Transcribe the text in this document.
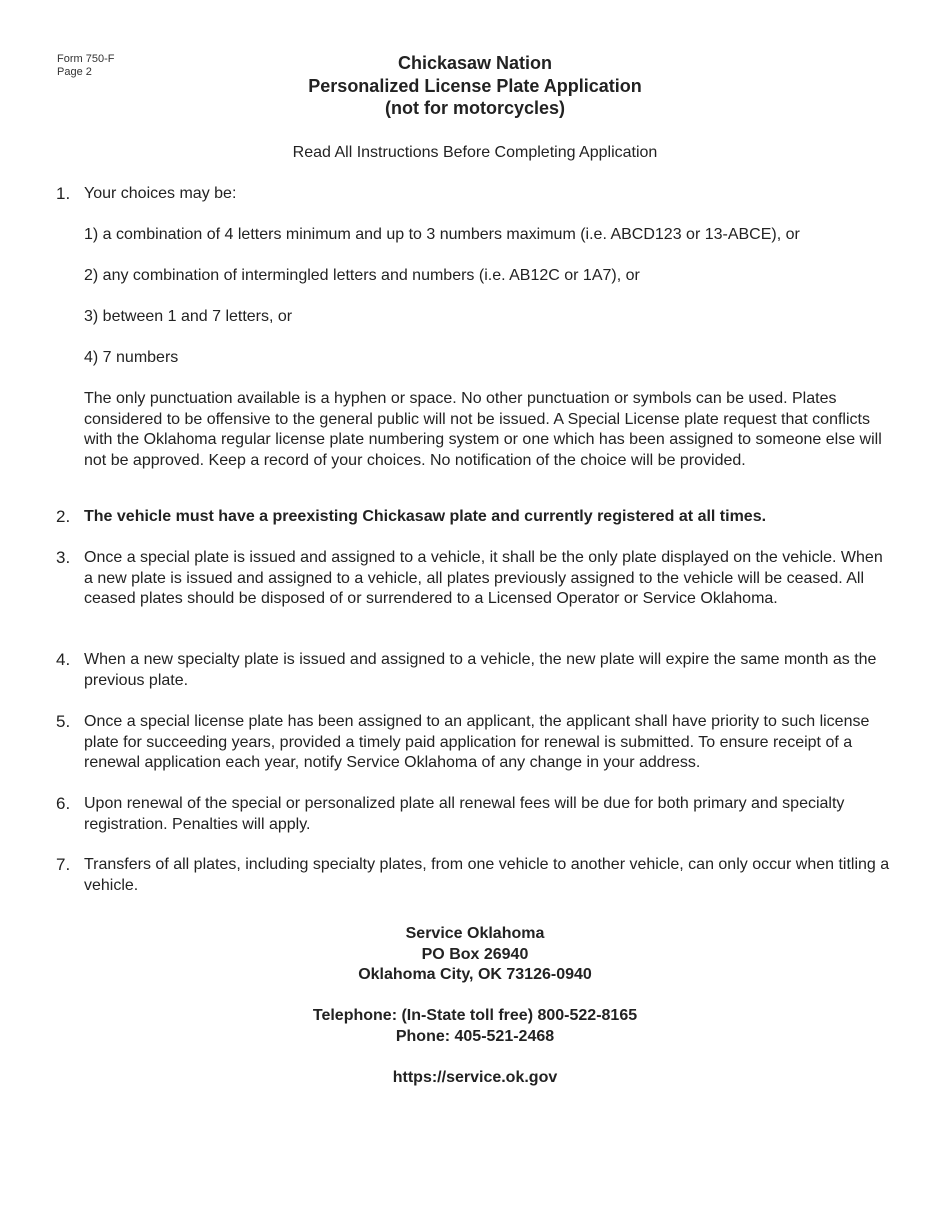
Form 750-F
Page 2	Chickasaw Nation
Personalized License Plate Application
(not for motorcycles)
Read All Instructions Before Completing Application
1. Your choices may be:
1) a combination of 4 letters minimum and up to 3 numbers maximum (i.e. ABCD123 or 13-ABCE), or
2) any combination of intermingled letters and numbers (i.e. AB12C or 1A7), or
3) between 1 and 7 letters, or
4) 7 numbers
The only punctuation available is a hyphen or space. No other punctuation or symbols can be used. Plates considered to be offensive to the general public will not be issued. A Special License plate request that conflicts with the Oklahoma regular license plate numbering system or one which has been assigned to someone else will not be approved. Keep a record of your choices. No notification of the choice will be provided.
2. The vehicle must have a preexisting Chickasaw plate and currently registered at all times.
3. Once a special plate is issued and assigned to a vehicle, it shall be the only plate displayed on the vehicle. When a new plate is issued and assigned to a vehicle, all plates previously assigned to the vehicle will be ceased. All ceased plates should be disposed of or surrendered to a Licensed Operator or Service Oklahoma.
4. When a new specialty plate is issued and assigned to a vehicle, the new plate will expire the same month as the previous plate.
5. Once a special license plate has been assigned to an applicant, the applicant shall have priority to such license plate for succeeding years, provided a timely paid application for renewal is submitted. To ensure receipt of a renewal application each year, notify Service Oklahoma of any change in your address.
6. Upon renewal of the special or personalized plate all renewal fees will be due for both primary and specialty registration. Penalties will apply.
7. Transfers of all plates, including specialty plates, from one vehicle to another vehicle, can only occur when titling a vehicle.
Service Oklahoma
PO Box 26940
Oklahoma City, OK 73126-0940
Telephone: (In-State toll free) 800-522-8165
Phone: 405-521-2468
https://service.ok.gov
